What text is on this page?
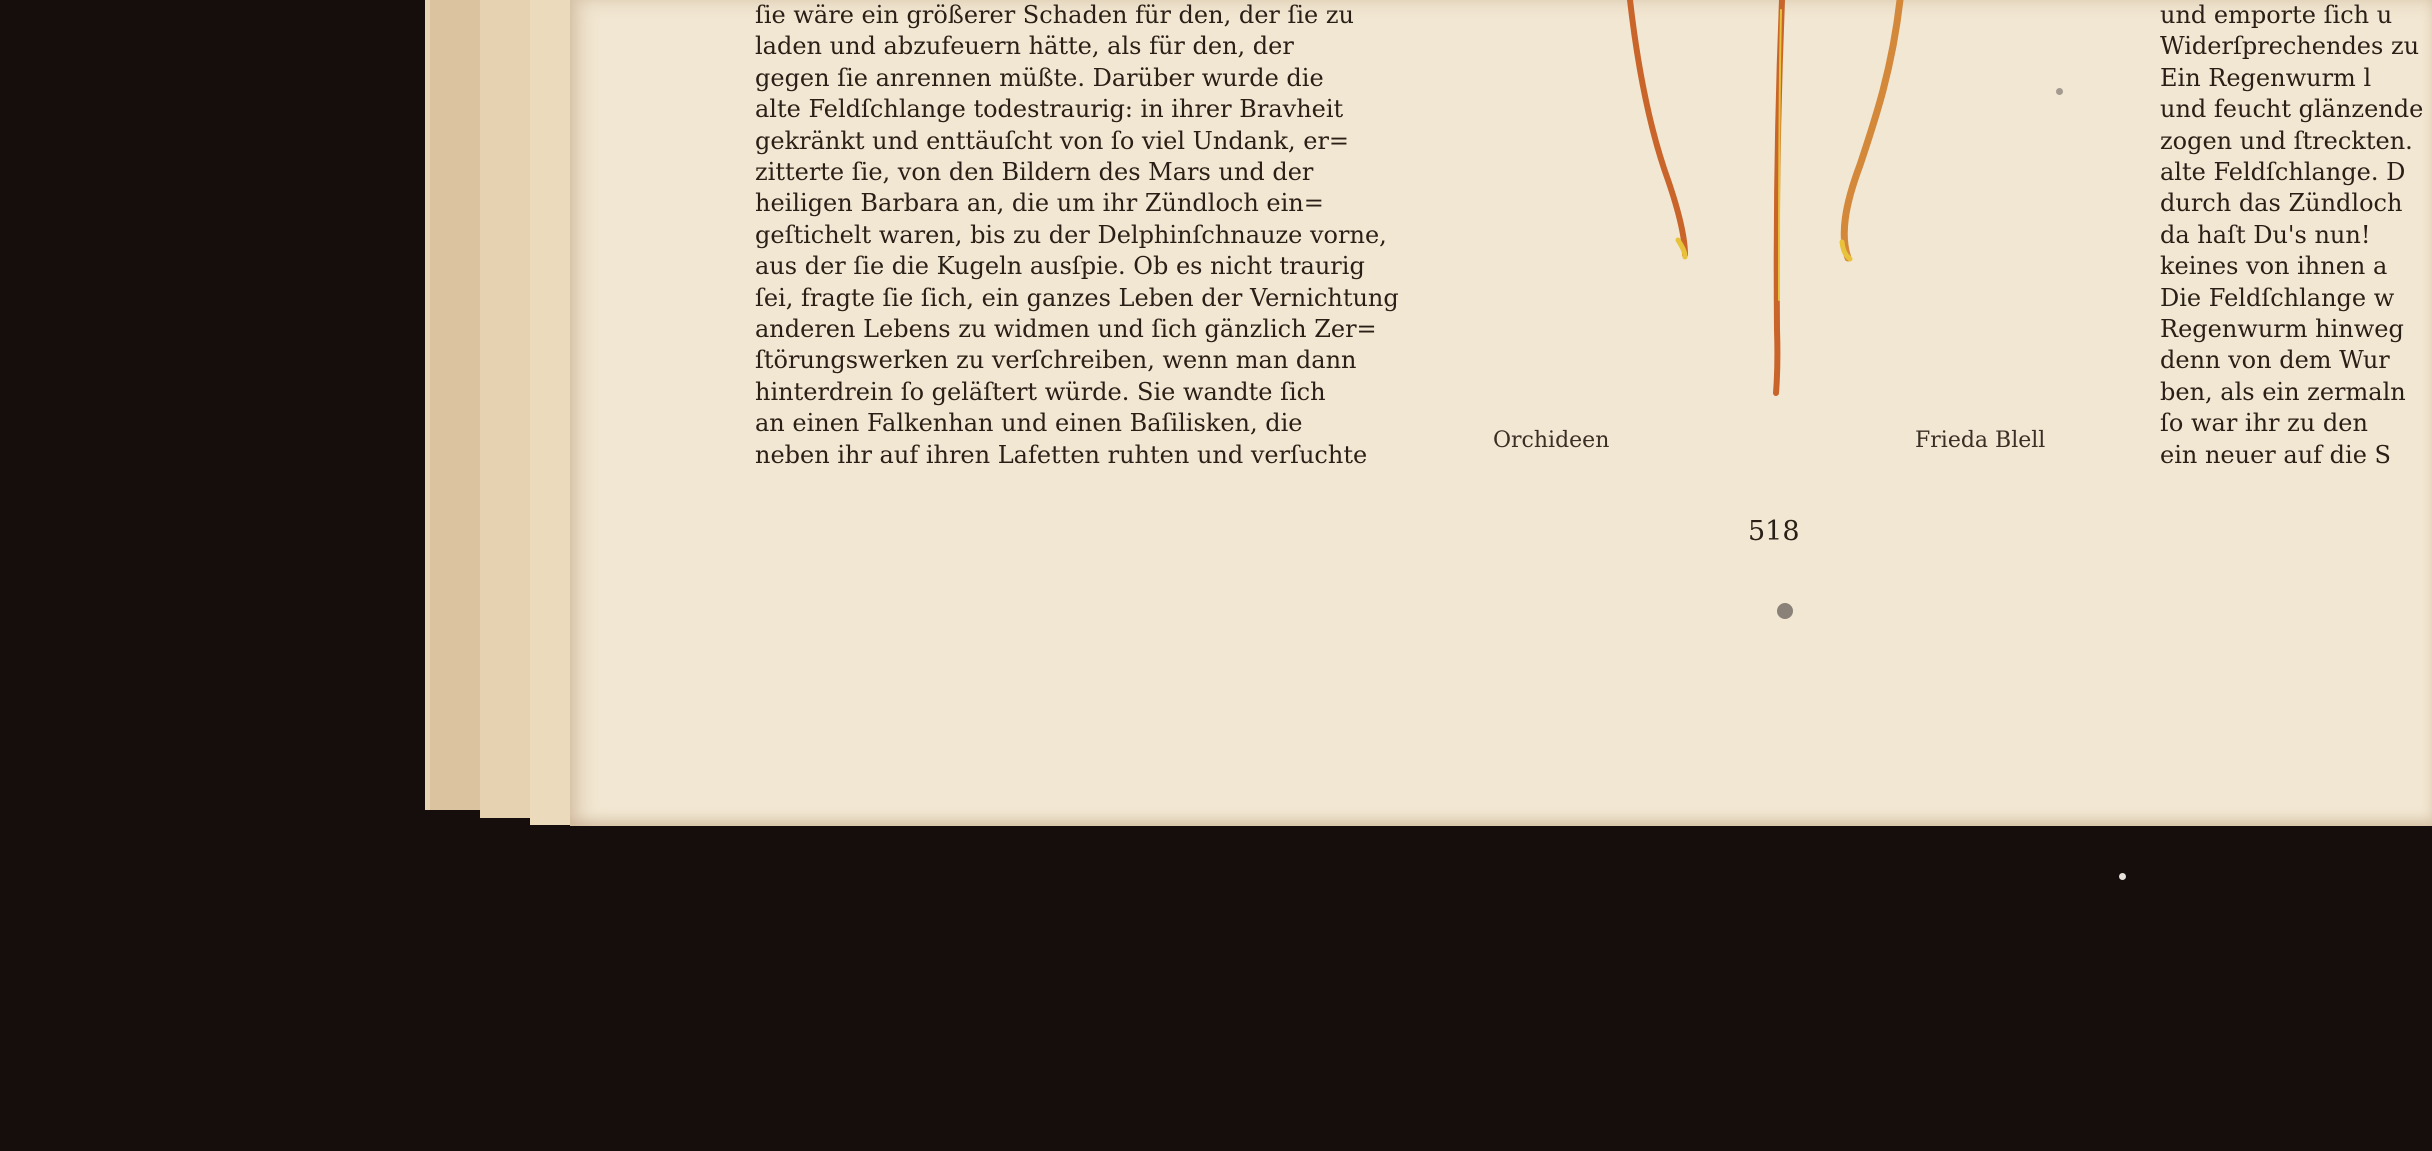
ſie wäre ein größerer Schaden für den, der ſie zu
laden und abzufeuern hätte, als für den, der
gegen ſie anrennen müßte. Darüber wurde die
alte Feldſchlange todestraurig: in ihrer Bravheit
gekränkt und enttäuſcht von ſo viel Undank, er=
zitterte ſie, von den Bildern des Mars und der
heiligen Barbara an, die um ihr Zündloch ein=
geſtichelt waren, bis zu der Delphinſchnauze vorne,
aus der ſie die Kugeln ausſpie. Ob es nicht traurig
ſei, fragte ſie ſich, ein ganzes Leben der Vernichtung
anderen Lebens zu widmen und ſich gänzlich Zer=
ſtörungswerken zu verſchreiben, wenn man dann
hinterdrein ſo geläſtert würde. Sie wandte ſich
an einen Falkenhan und einen Baſilisken, die
neben ihr auf ihren Lafetten ruhten und verſuchte
und emporte ſich u
Widerſprechendes zu
Ein Regenwurm l
und feucht glänzende
zogen und ſtreckten.
alte Feldſchlange. D
durch das Zündloch
da haſt Du's nun!
keines von ihnen a
Die Feldſchlange w
Regenwurm hinweg
denn von dem Wur
ben, als ein zermaln
ſo war ihr zu den
ein neuer auf die S
Orchideen	Frieda Blell
518
